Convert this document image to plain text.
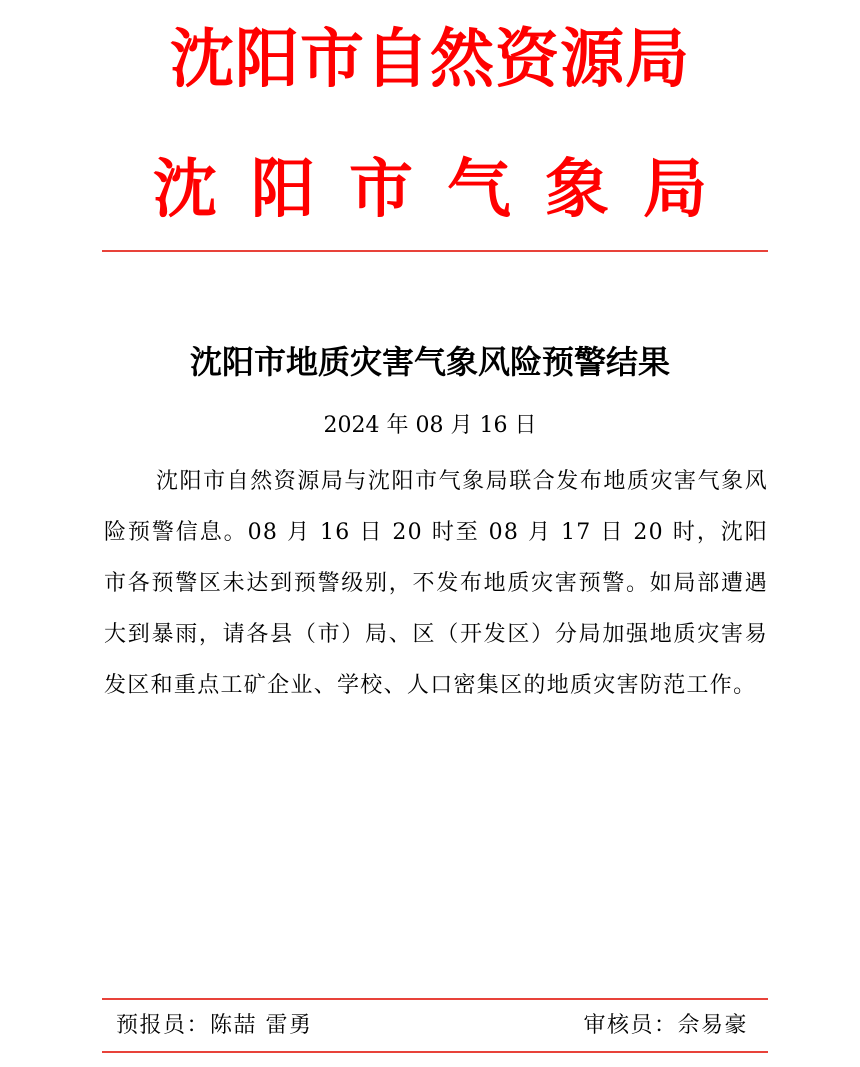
沈阳市自然资源局
沈阳市气象局
沈阳市地质灾害气象风险预警结果
2024 年 08 月 16 日
沈阳市自然资源局与沈阳市气象局联合发布地质灾害气象风险预警信息。08 月 16 日 20 时至 08 月 17 日 20 时，沈阳市各预警区未达到预警级别，不发布地质灾害预警。如局部遭遇大到暴雨，请各县（市）局、区（开发区）分局加强地质灾害易发区和重点工矿企业、学校、人口密集区的地质灾害防范工作。
预报员：陈喆 雷勇	审核员：佘易豪
